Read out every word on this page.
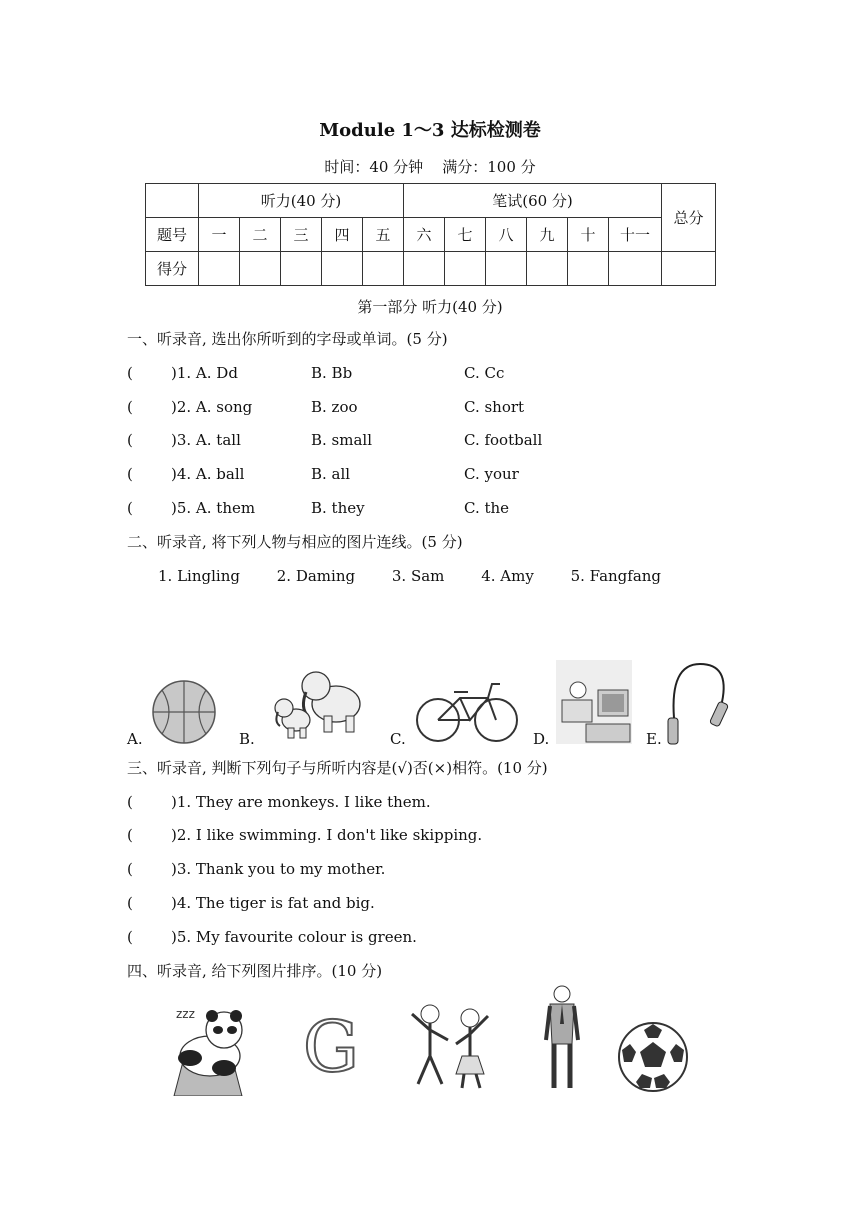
Module 1～3 达标检测卷
时间：40 分钟    满分：100 分
	听力(40 分)					笔试(60 分)						总分
题号	一	二	三	四	五	六	七	八	九	十	十一	
得分												
第一部分 听力(40 分)
一、听录音, 选出你所听到的字母或单词。(5 分)
(        )1. A. Dd	B. Bb	C. Cc
(        )2. A. song	B. zoo	C. short
(        )3. A. tall	B. small	C. football
(        )4. A. ball	B. all	C. your
(        )5. A. them	B. they	C. the
二、听录音, 将下列人物与相应的图片连线。(5 分)
1. Lingling 2. Daming 3. Sam 4. Amy 5. Fangfang
A.	B.	C.	D.	E.
三、听录音, 判断下列句子与所听内容是(√)否(×)相符。(10 分)
(        )1. They are monkeys. I like them.
(        )2. I like swimming. I don't like skipping.
(        )3. Thank you to my mother.
(        )4. The tiger is fat and big.
(        )5. My favourite colour is green.
四、听录音, 给下列图片排序。(10 分)
zzz G
